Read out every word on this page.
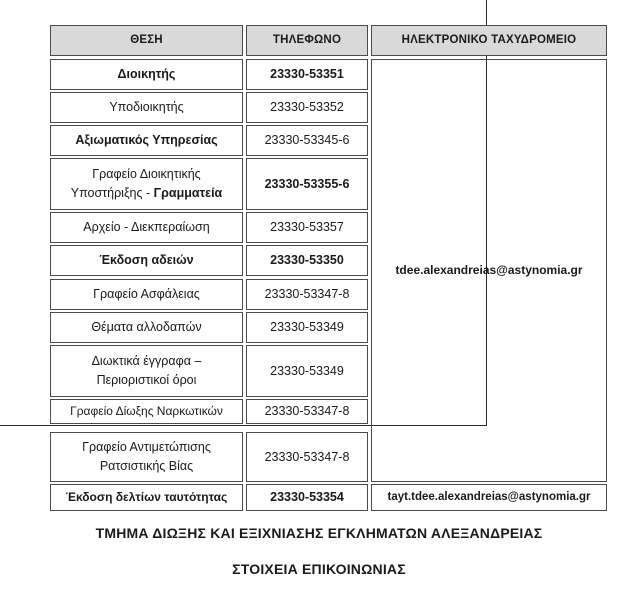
ΘΕΣΗ	ΤΗΛΕΦΩΝΟ	ΗΛΕΚΤΡΟΝΙΚΟ ΤΑΧΥΔΡΟΜΕΙΟ
Διοικητής	23330-53351
Υποδιοικητής	23330-53352
Αξιωματικός Υπηρεσίας	23330-53345-6
Γραφείο Διοικητικής
Υποστήριξης - Γραμματεία
23330-53355-6
Αρχείο - Διεκπεραίωση	23330-53357
Έκδοση αδειών	23330-53350
Γραφείο Ασφάλειας	23330-53347-8
Θέματα αλλοδαπών	23330-53349
Διωκτικά έγγραφα –
Περιοριστικοί όροι
23330-53349
Γραφείο Δίωξης Ναρκωτικών	23330-53347-8
Γραφείο Αντιμετώπισης
Ρατσιστικής Βίας
23330-53347-8
tdee.alexandreias@astynomia.gr
Έκδοση δελτίων ταυτότητας	23330-53354	tayt.tdee.alexandreias@astynomia.gr
ΤΜΗΜΑ ΔΙΩΞΗΣ ΚΑΙ ΕΞΙΧΝΙΑΣΗΣ ΕΓΚΛΗΜΑΤΩΝ ΑΛΕΞΑΝΔΡΕΙΑΣ
ΣΤΟΙΧΕΙΑ ΕΠΙΚΟΙΝΩΝΙΑΣ
